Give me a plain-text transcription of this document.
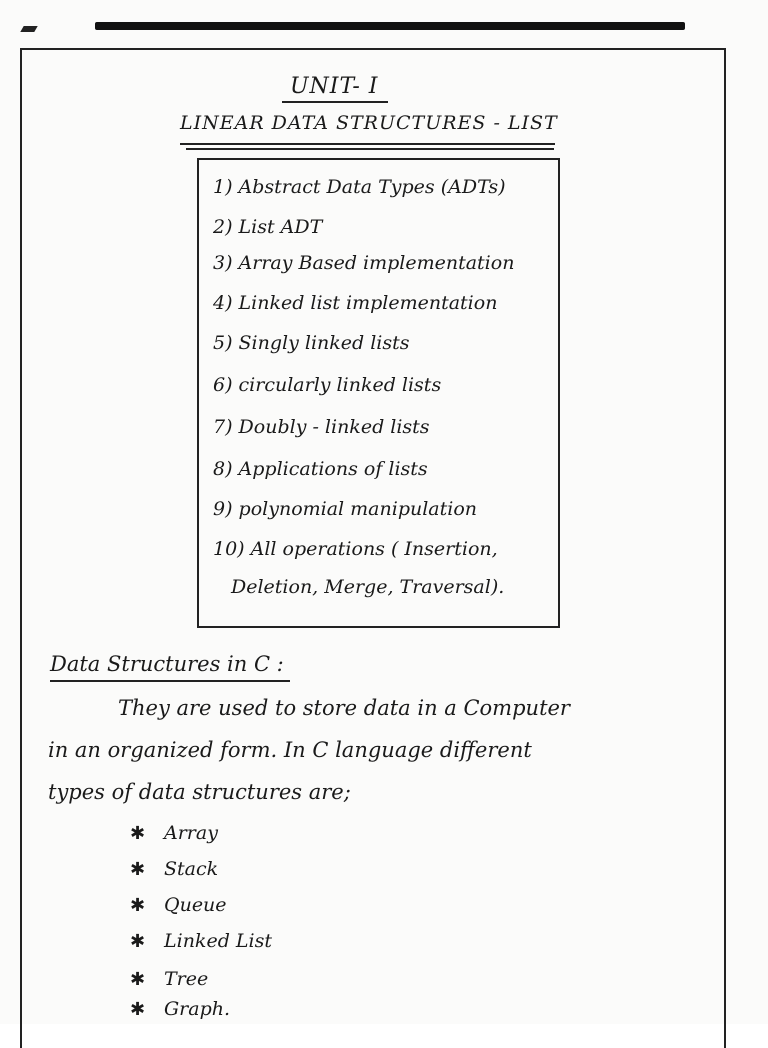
UNIT- I
LINEAR DATA STRUCTURES - LIST
1) Abstract Data Types (ADTs)
2) List ADT
3) Array Based implementation
4) Linked list implementation
5) Singly linked lists
6) circularly linked lists
7) Doubly - linked lists
8) Applications of lists
9) polynomial manipulation
10) All operations ( Insertion,
Deletion, Merge, Traversal).
Data Structures in C :
They are used to store data in a Computer
in an organized form. In C language different
types of data structures are;
✱ Array
✱ Stack
✱ Queue
✱ Linked List
✱ Tree
✱ Graph.
